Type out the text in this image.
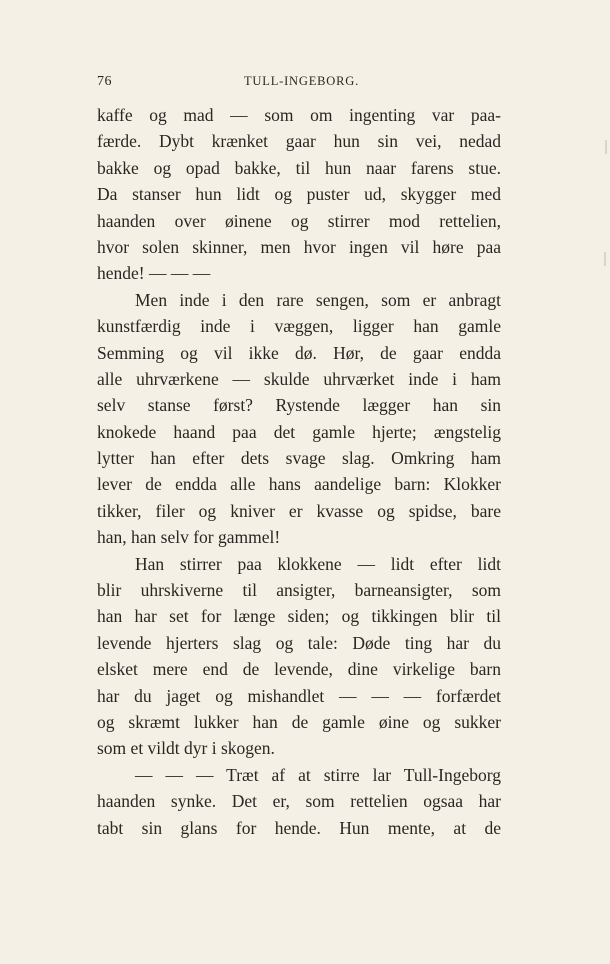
76	TULL-INGEBORG.
kaffe og mad — som om ingenting var paa-
færde. Dybt krænket gaar hun sin vei, nedad
bakke og opad bakke, til hun naar farens stue.
Da stanser hun lidt og puster ud, skygger med
haanden over øinene og stirrer mod rettelien,
hvor solen skinner, men hvor ingen vil høre paa
hende! — — —
Men inde i den rare sengen, som er anbragt
kunstfærdig inde i væggen, ligger han gamle
Semming og vil ikke dø. Hør, de gaar endda
alle uhrværkene — skulde uhrværket inde i ham
selv stanse først? Rystende lægger han sin
knokede haand paa det gamle hjerte; ængstelig
lytter han efter dets svage slag. Omkring ham
lever de endda alle hans aandelige barn: Klokker
tikker, filer og kniver er kvasse og spidse, bare
han, han selv for gammel!
Han stirrer paa klokkene — lidt efter lidt
blir uhrskiverne til ansigter, barneansigter, som
han har set for længe siden; og tikkingen blir til
levende hjerters slag og tale: Døde ting har du
elsket mere end de levende, dine virkelige barn
har du jaget og mishandlet — — — forfærdet
og skræmt lukker han de gamle øine og sukker
som et vildt dyr i skogen.
— — — Træt af at stirre lar Tull-Ingeborg
haanden synke. Det er, som rettelien ogsaa har
tabt sin glans for hende. Hun mente, at de
